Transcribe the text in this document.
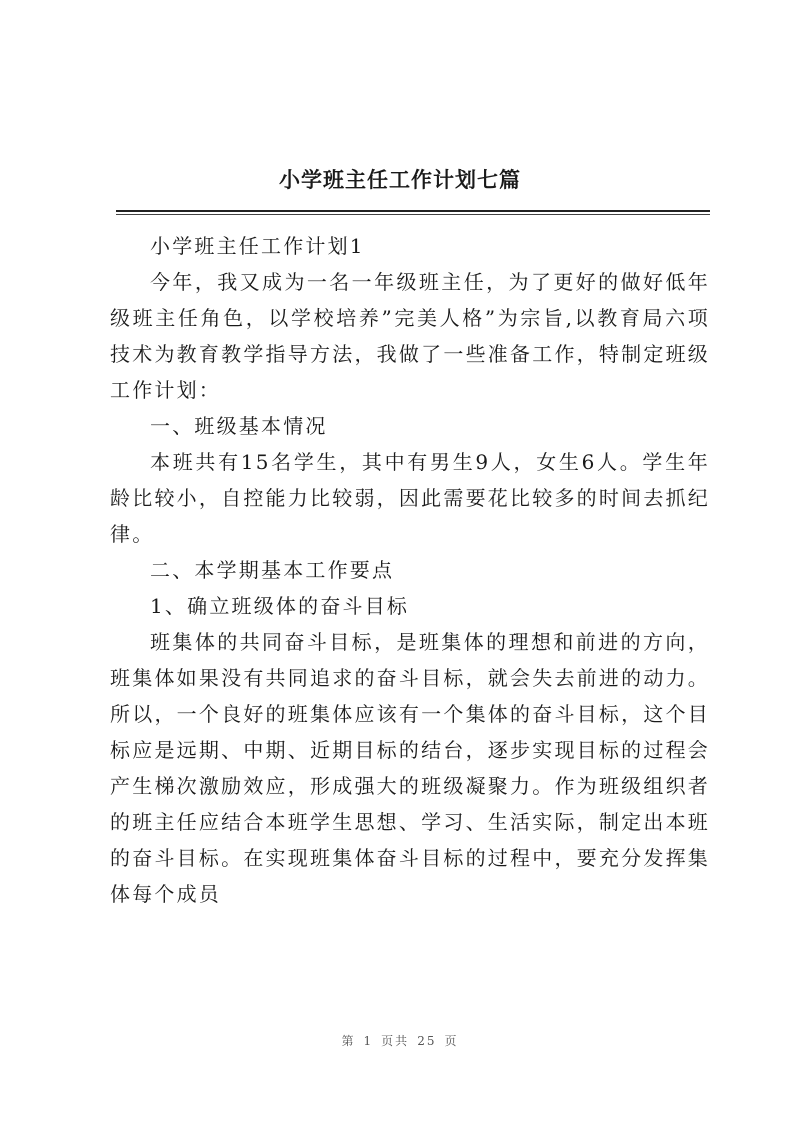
小学班主任工作计划七篇

小学班主任工作计划1

今年，我又成为一名一年级班主任，为了更好的做好低年级班主任角色，以学校培养”完美人格”为宗旨,以教育局六项技术为教育教学指导方法，我做了一些准备工作，特制定班级工作计划：

一、班级基本情况

本班共有15名学生，其中有男生9人，女生6人。学生年龄比较小，自控能力比较弱，因此需要花比较多的时间去抓纪律。

二、本学期基本工作要点

1、确立班级体的奋斗目标

班集体的共同奋斗目标，是班集体的理想和前进的方向，班集体如果没有共同追求的奋斗目标，就会失去前进的动力。所以，一个良好的班集体应该有一个集体的奋斗目标，这个目标应是远期、中期、近期目标的结台，逐步实现目标的过程会产生梯次激励效应，形成强大的班级凝聚力。作为班级组织者的班主任应结合本班学生思想、学习、生活实际，制定出本班的奋斗目标。在实现班集体奋斗目标的过程中，要充分发挥集体每个成员

第 1 页共 25 页
